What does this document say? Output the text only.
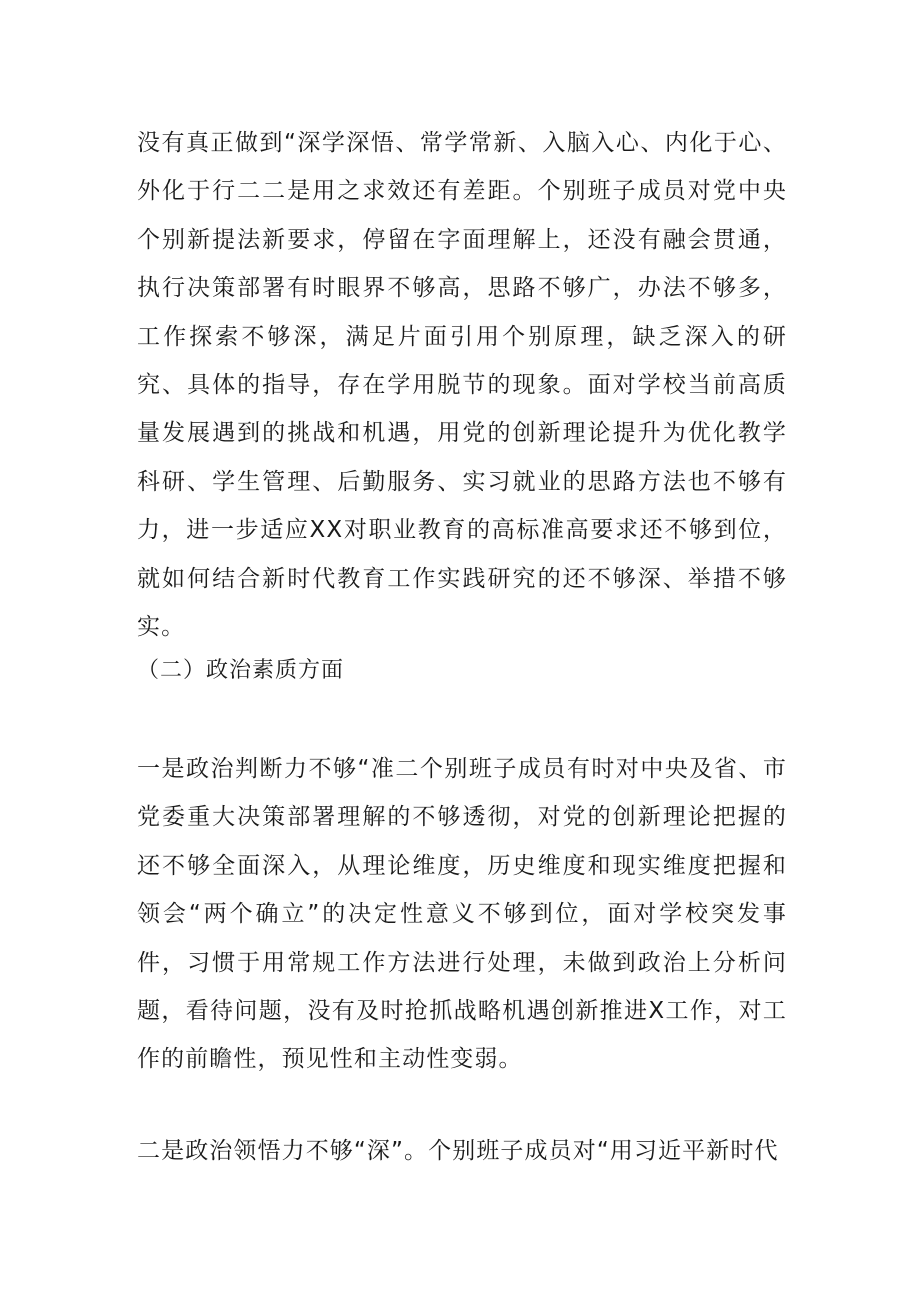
没有真正做到“深学深悟、常学常新、入脑入心、内化于心、外化于行二二是用之求效还有差距。个别班子成员对党中央个别新提法新要求，停留在字面理解上，还没有融会贯通，执行决策部署有时眼界不够高，思路不够广，办法不够多，工作探索不够深，满足片面引用个别原理，缺乏深入的研究、具体的指导，存在学用脱节的现象。面对学校当前高质量发展遇到的挑战和机遇，用党的创新理论提升为优化教学科研、学生管理、后勤服务、实习就业的思路方法也不够有力，进一步适应XX对职业教育的高标准高要求还不够到位，就如何结合新时代教育工作实践研究的还不够深、举措不够实。

（二）政治素质方面

一是政治判断力不够“准二个别班子成员有时对中央及省、市党委重大决策部署理解的不够透彻，对党的创新理论把握的还不够全面深入，从理论维度，历史维度和现实维度把握和领会“两个确立”的决定性意义不够到位，面对学校突发事件，习惯于用常规工作方法进行处理，未做到政治上分析问题，看待问题，没有及时抢抓战略机遇创新推进X工作，对工作的前瞻性，预见性和主动性变弱。

二是政治领悟力不够“深”。个别班子成员对“用习近平新时代
